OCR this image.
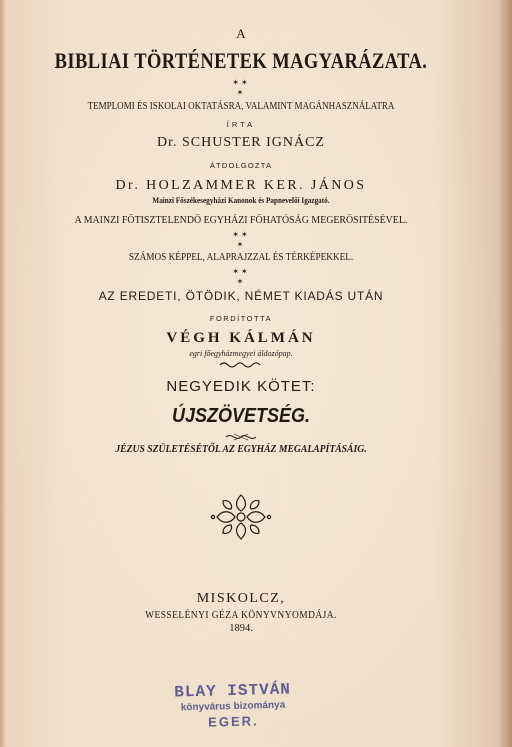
A
BIBLIAI TÖRTÉNETEK MAGYARÁZATA.
✶✶
✶
TEMPLOMI ÉS ISKOLAI OKTATÁSRA, VALAMINT MAGÁNHASZNÁLATRA
ÍRTA
Dr. SCHUSTER IGNÁCZ
ÁTDOLGOZTA
Dr. HOLZAMMER KER. JÁNOS
Mainzi Főszékesegyházi Kanonok és Papnevelői Igazgató.
A MAINZI FŐTISZTELENDŐ EGYHÁZI FŐHATÓSÁG MEGERŐSITÉSÉVEL.
✶✶
✶
SZÁMOS KÉPPEL, ALAPRAJZZAL ÉS TÉRKÉPEKKEL.
✶✶
✶
AZ EREDETI, ÖTÖDIK, NÉMET KIADÁS UTÁN
FORDÍTOTTA
VÉGH KÁLMÁN
egri főegyházmegyei áldozópap.
NEGYEDIK KÖTET:
ÚJSZÖVETSÉG.
JÉZUS SZÜLETÉSÉTŐL AZ EGYHÁZ MEGALAPÍTÁSÁIG.
MISKOLCZ,
WESSELÉNYI GÉZA KÖNYVNYOMDÁJA.
1894.
BLAY ISTVÁN
könyvárus bizománya
EGER.
